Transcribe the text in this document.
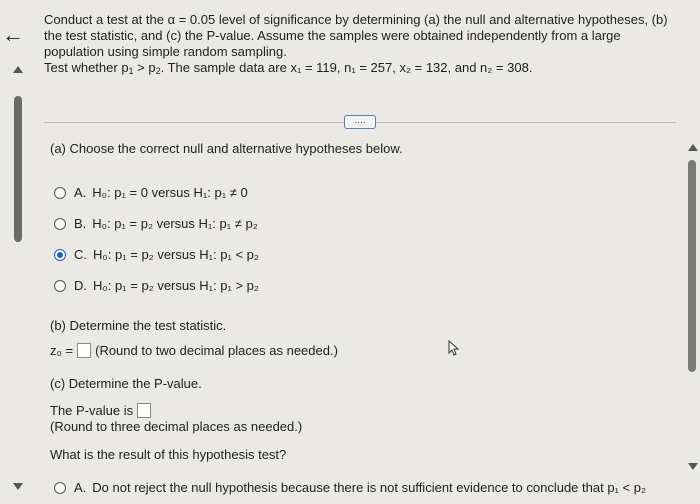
←

Conduct a test at the α = 0.05 level of significance by determining (a) the null and alternative hypotheses, (b) the test statistic, and (c) the P-value. Assume the samples were obtained independently from a large population using simple random sampling.

Test whether $p_1 > p_2$. The sample data are x₁ = 119, n₁ = 257, x₂ = 132, and n₂ = 308.

....
(a) Choose the correct null and alternative hypotheses below.
A. H₀: p₁ = 0 versus H₁: p₁ ≠ 0
B. H₀: p₁ = p₂ versus H₁: p₁ ≠ p₂
C. H₀: p₁ = p₂ versus H₁: p₁ < p₂
D. H₀: p₁ = p₂ versus H₁: p₁ > p₂
(b) Determine the test statistic.
z₀ = (Round to two decimal places as needed.)
(c) Determine the P-value.
The P-value is
(Round to three decimal places as needed.)
What is the result of this hypothesis test?
A. Do not reject the null hypothesis because there is not sufficient evidence to conclude that p₁ < p₂
